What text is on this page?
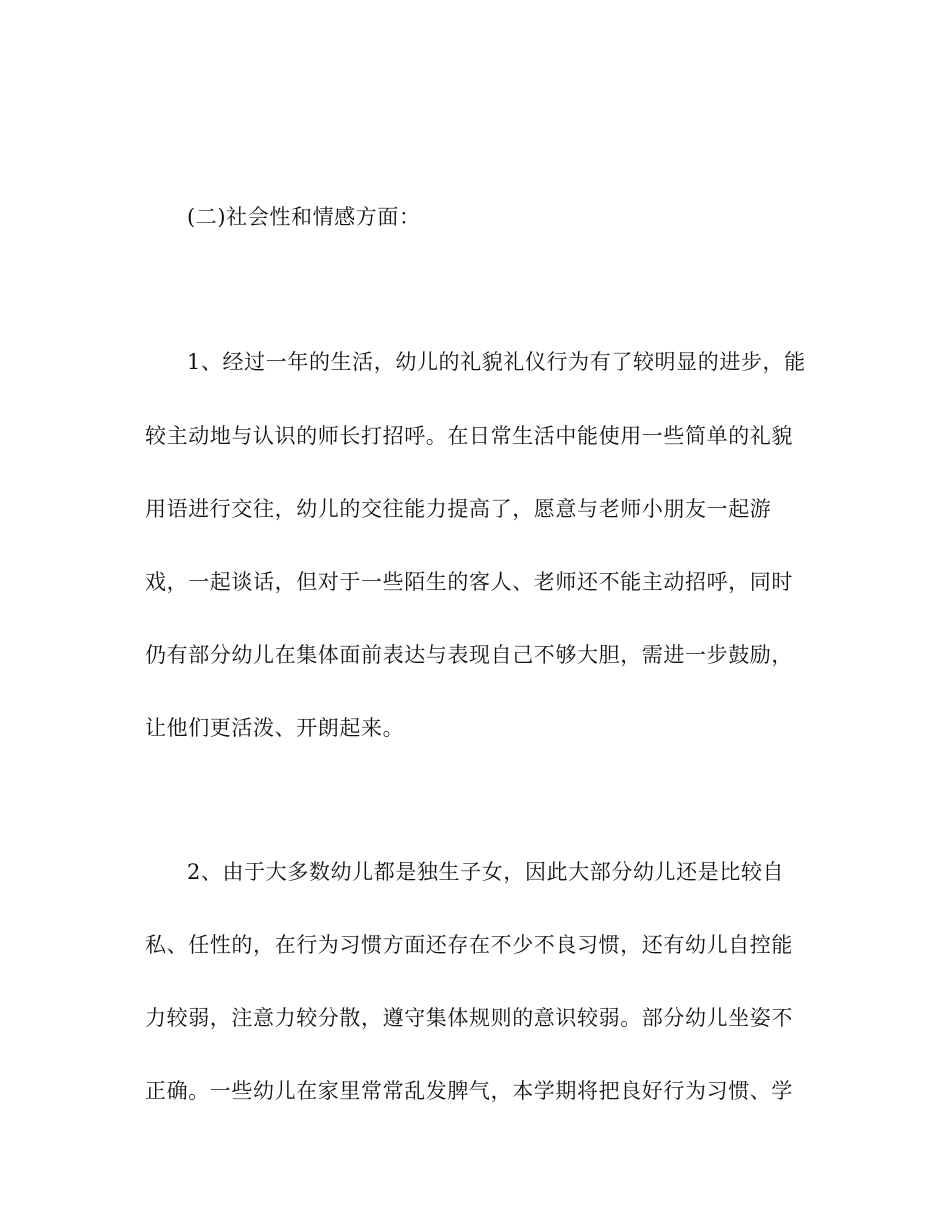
(二)社会性和情感方面：
1、经过一年的生活，幼儿的礼貌礼仪行为有了较明显的进步，能
较主动地与认识的师长打招呼。在日常生活中能使用一些简单的礼貌
用语进行交往，幼儿的交往能力提高了，愿意与老师小朋友一起游
戏，一起谈话，但对于一些陌生的客人、老师还不能主动招呼，同时
仍有部分幼儿在集体面前表达与表现自己不够大胆，需进一步鼓励，
让他们更活泼、开朗起来。
2、由于大多数幼儿都是独生子女，因此大部分幼儿还是比较自
私、任性的，在行为习惯方面还存在不少不良习惯，还有幼儿自控能
力较弱，注意力较分散，遵守集体规则的意识较弱。部分幼儿坐姿不
正确。一些幼儿在家里常常乱发脾气，本学期将把良好行为习惯、学
